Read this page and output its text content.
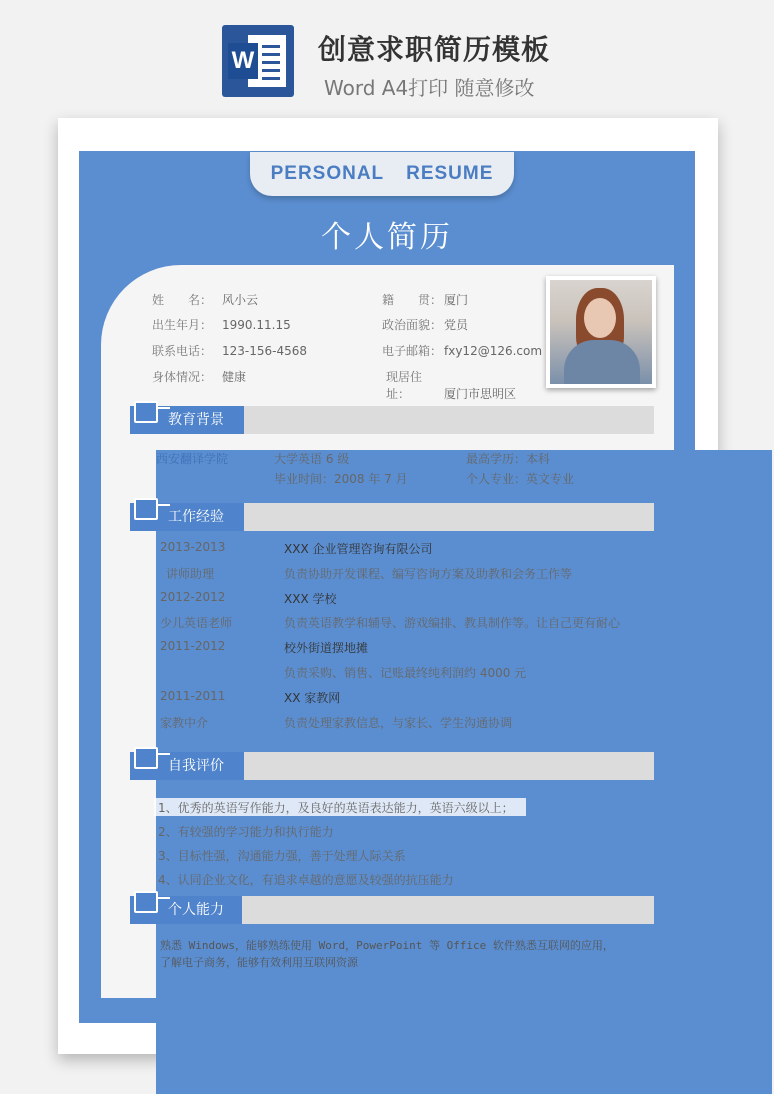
W 创意求职简历模板
Word A4打印 随意修改
PERSONAL RESUME
个人简历
姓　　名： 风小云	籍　　贯： 厦门
出生年月： 1990.11.15	政治面貌： 党员
联系电话： 123-156-4568	电子邮箱： fxy12@126.com
身体情况： 健康	现居住址：	厦门市思明区
教育背景
西安翻译学院	大学英语 6 级	最高学历：本科
毕业时间：2008 年 7 月	个人专业：英文专业
工作经验
2013-2013	XXX 企业管理咨询有限公司
讲师助理	负责协助开发课程、编写咨询方案及助教和会务工作等
2012-2012	XXX 学校
少儿英语老师	负责英语教学和辅导、游戏编排、教具制作等。让自己更有耐心
2011-2012	校外街道摆地摊
负责采购、销售、记账最终纯利润约 4000 元
2011-2011	XX 家教网
家教中介	负责处理家教信息，与家长、学生沟通协调
自我评价
1、优秀的英语写作能力，及良好的英语表达能力，英语六级以上；
2、有较强的学习能力和执行能力
3、目标性强，沟通能力强，善于处理人际关系
4、认同企业文化，有追求卓越的意愿及较强的抗压能力
个人能力
熟悉 Windows，能够熟练使用 Word，PowerPoint 等 Office 软件熟悉互联网的应用，
了解电子商务，能够有效利用互联网资源
